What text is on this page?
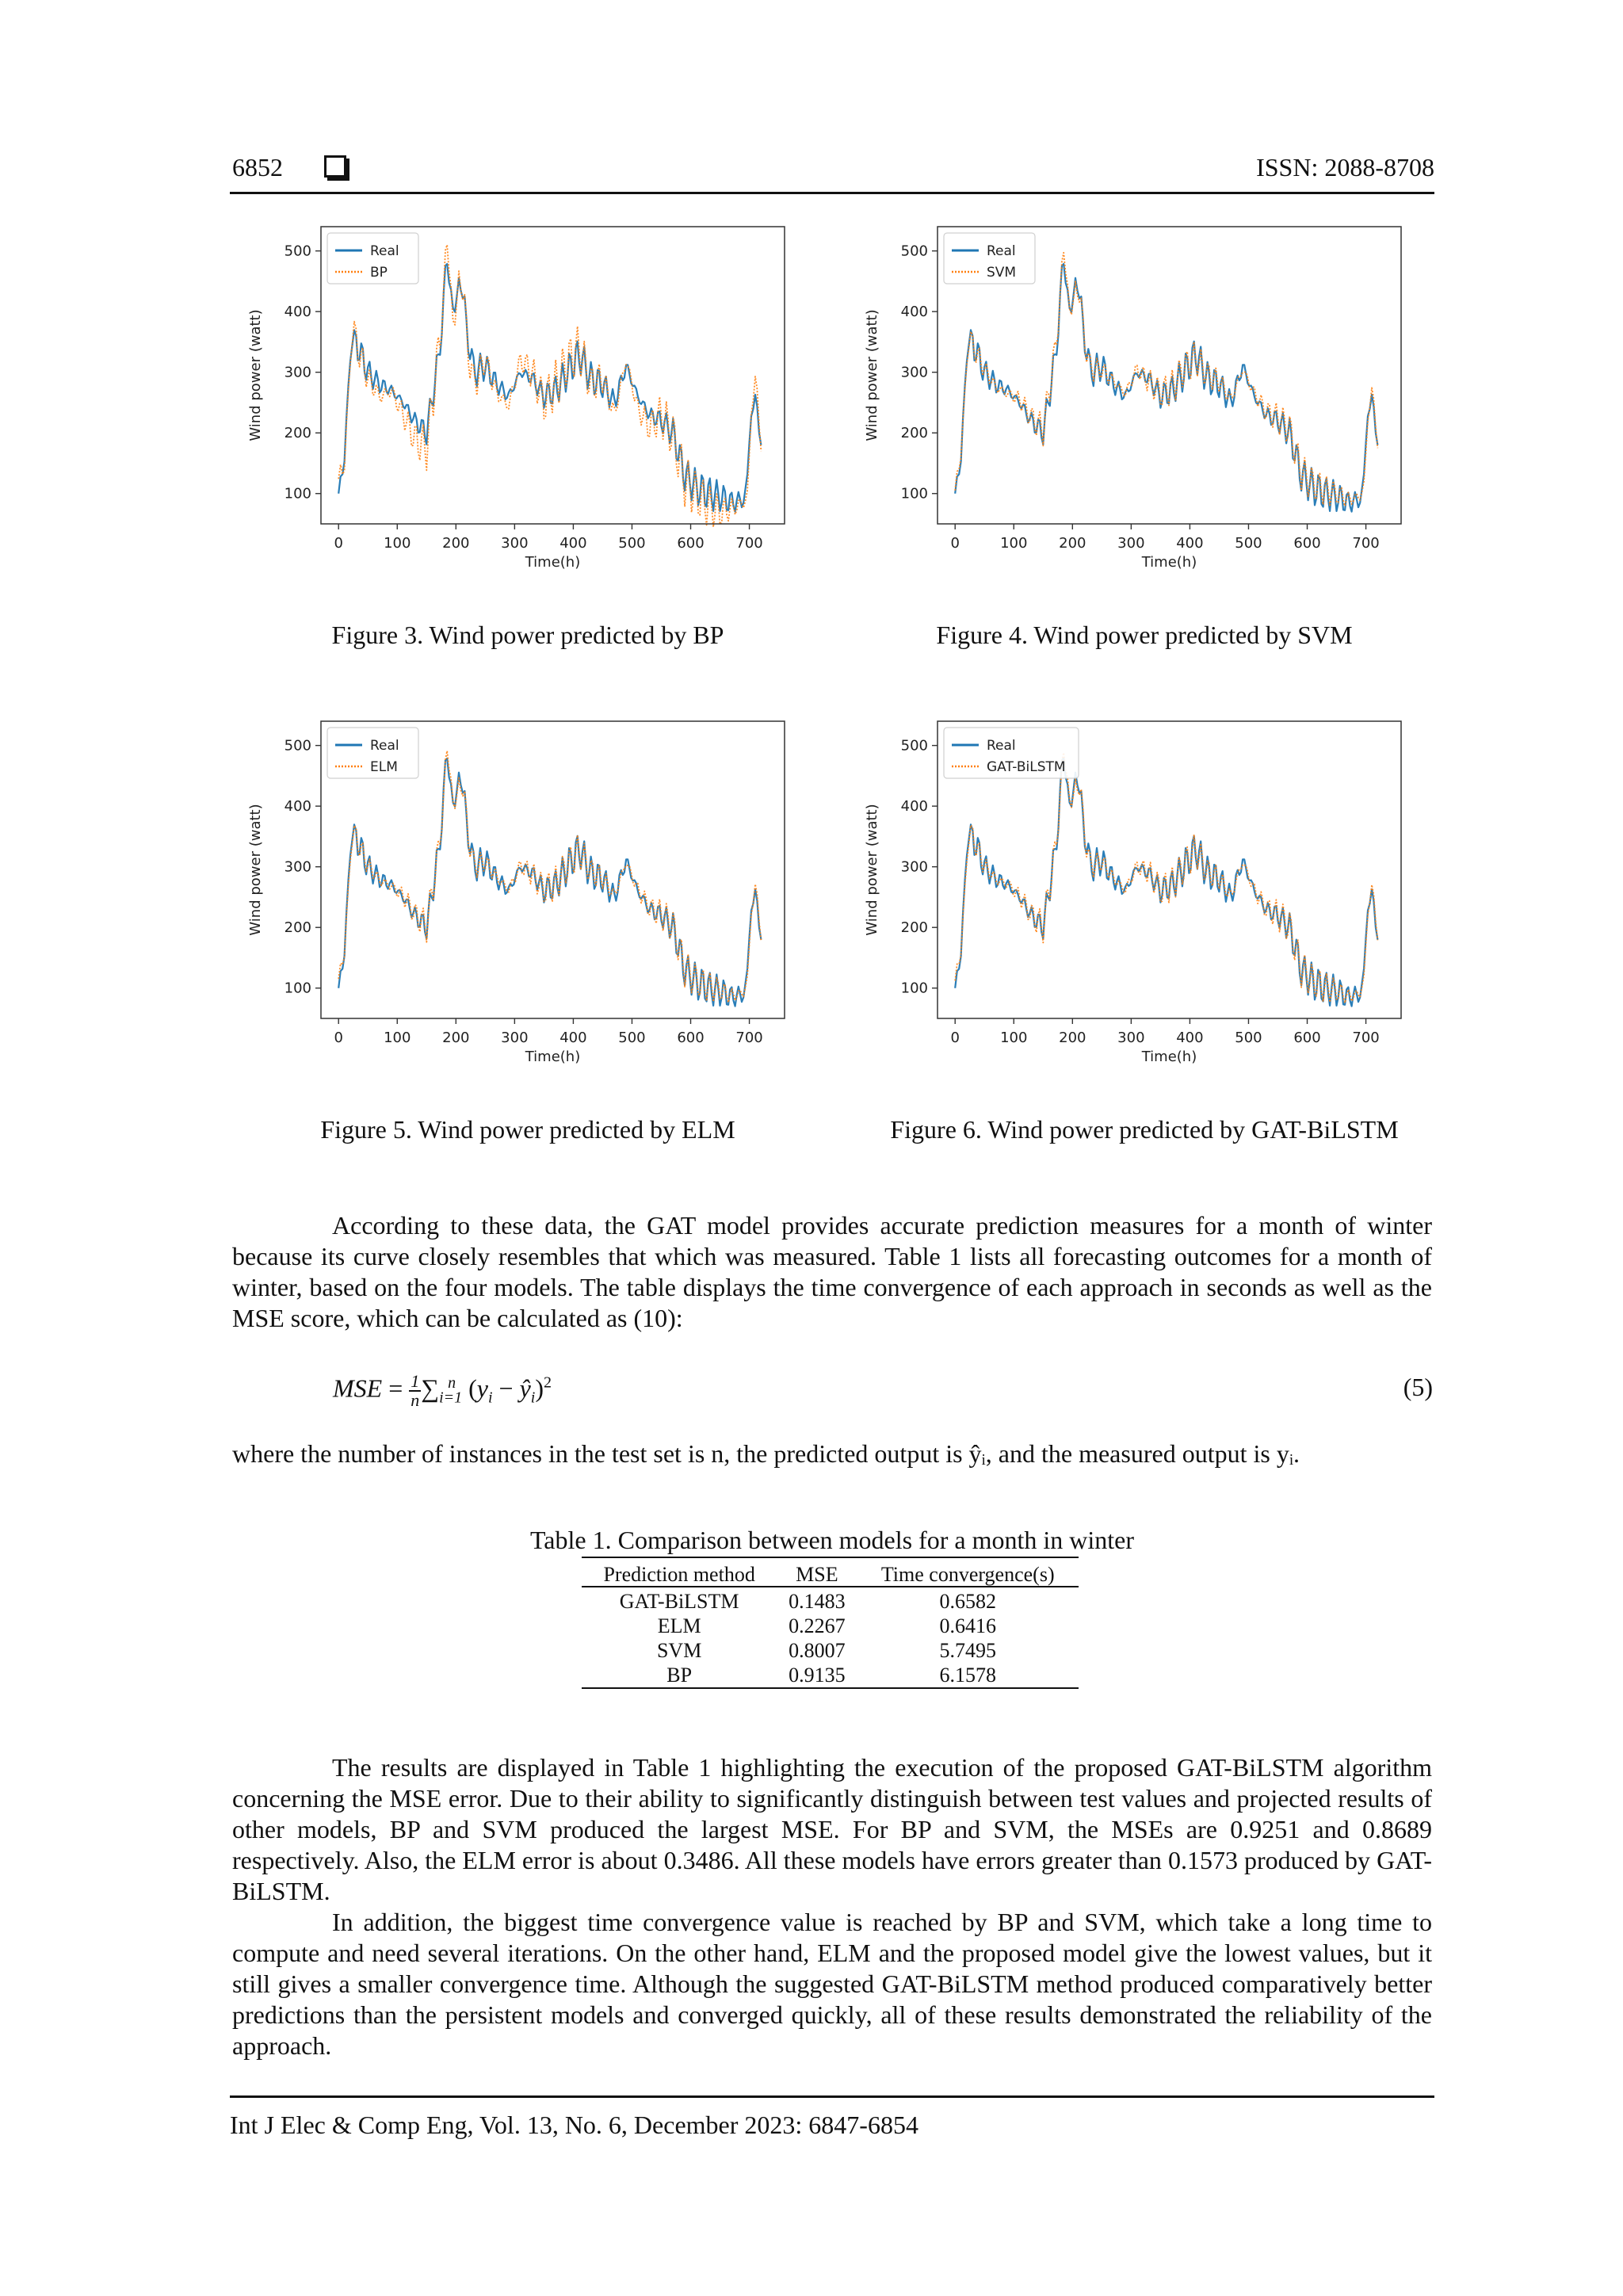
6852	ISSN: 2088-8708
0	100 200 300 400 500 600 700
100
200
300
400
500
Time(h)
Wind power (watt)
Real
BP
0	100 200 300 400 500 600 700
100
200
300
400
500
Time(h)
Wind power (watt)
Real
SVM
0	100 200 300 400 500 600 700
100
200
300
400
500
Time(h)
Wind power (watt)
Real
ELM
0	100 200 300 400 500 600 700
100
200
300
400
500
Time(h)
Wind power (watt)
Real
GAT-BiLSTM
Figure 3. Wind power predicted by BP	Figure 4. Wind power predicted by SVM
Figure 5. Wind power predicted by ELM	Figure 6. Wind power predicted by GAT-BiLSTM
According to these data, the GAT model provides accurate prediction measures for a month of winter because its curve closely resembles that which was measured. Table 1 lists all forecasting outcomes for a month of winter, based on the four models. The table displays the time convergence of each approach in seconds as well as the MSE score, which can be calculated as (10):
MSE = 1
$n\sum_{i=1}^n$  ($y_i$ − $ŷ_i)^2$	(5)
where the number of instances in the test set is n, the predicted output is ŷᵢ, and the measured output is yᵢ.
Table 1. Comparison between models for a month in winter
Prediction method	MSE	Time convergence(s)
GAT-BiLSTM	0.1483	0.6582
ELM	0.2267	0.6416
SVM	0.8007	5.7495
BP	0.9135	6.1578
The results are displayed in Table 1 highlighting the execution of the proposed GAT-BiLSTM algorithm concerning the MSE error. Due to their ability to significantly distinguish between test values and projected results of other models, BP and SVM produced the largest MSE. For BP and SVM, the MSEs are 0.9251 and 0.8689 respectively. Also, the ELM error is about 0.3486. All these models have errors greater than 0.1573 produced by GAT-BiLSTM.
In addition, the biggest time convergence value is reached by BP and SVM, which take a long time to compute and need several iterations. On the other hand, ELM and the proposed model give the lowest values, but it still gives a smaller convergence time. Although the suggested GAT-BiLSTM method produced comparatively better predictions than the persistent models and converged quickly, all of these results demonstrated the reliability of the approach.
Int J Elec & Comp Eng, Vol. 13, No. 6, December 2023: 6847-6854
